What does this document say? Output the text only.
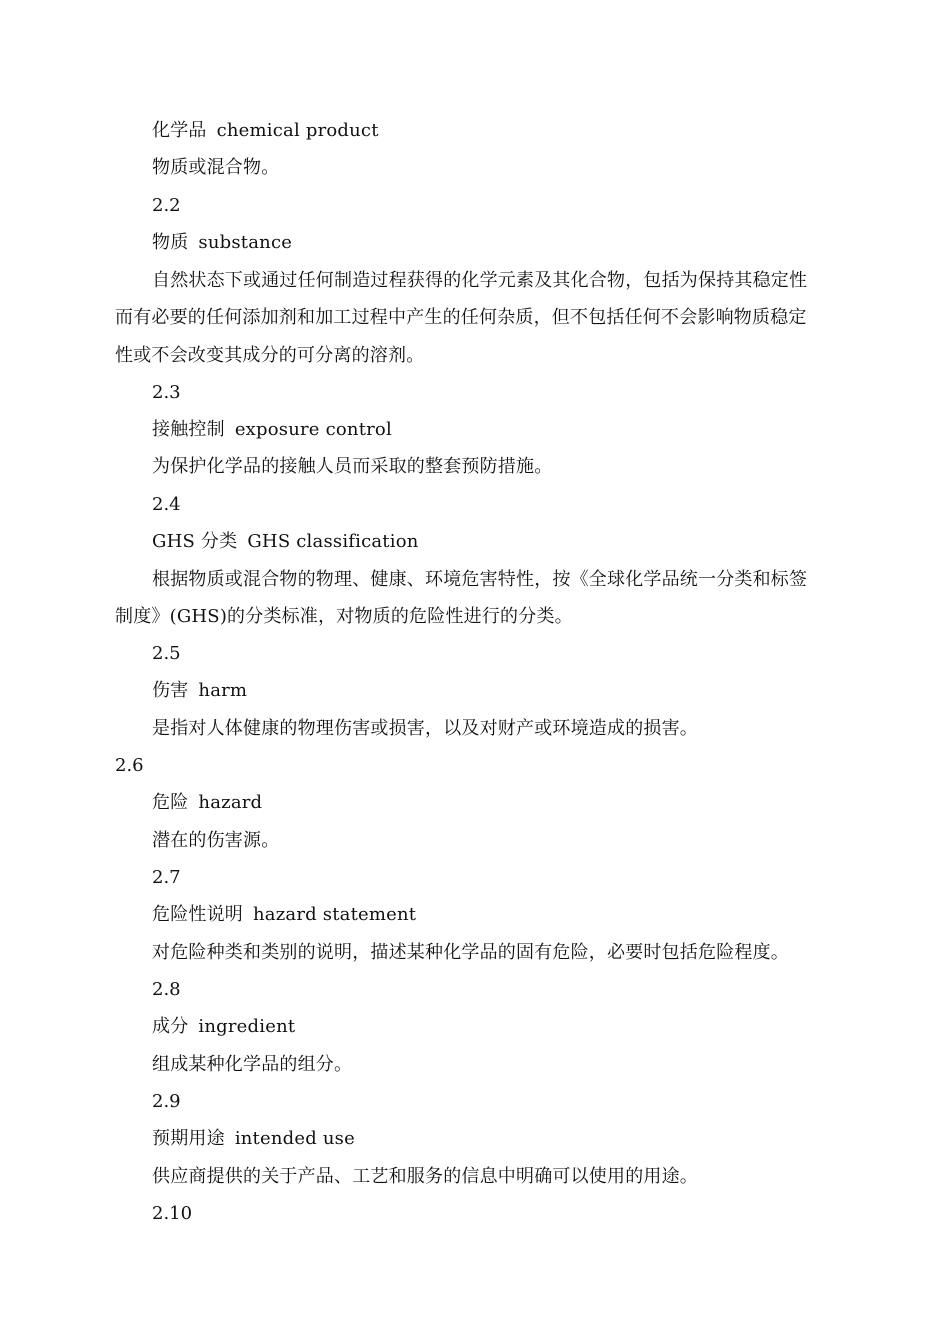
化学品 chemical product
物质或混合物。
2.2
物质 substance
自然状态下或通过任何制造过程获得的化学元素及其化合物，包括为保持其稳定性
而有必要的任何添加剂和加工过程中产生的任何杂质，但不包括任何不会影响物质稳定
性或不会改变其成分的可分离的溶剂。
2.3
接触控制 exposure control
为保护化学品的接触人员而采取的整套预防措施。
2.4
GHS 分类 GHS classification
根据物质或混合物的物理、健康、环境危害特性，按《全球化学品统一分类和标签
制度》(GHS)的分类标准，对物质的危险性进行的分类。
2.5
伤害 harm
是指对人体健康的物理伤害或损害，以及对财产或环境造成的损害。
2.6
危险 hazard
潜在的伤害源。
2.7
危险性说明 hazard statement
对危险种类和类别的说明，描述某种化学品的固有危险，必要时包括危险程度。
2.8
成分 ingredient
组成某种化学品的组分。
2.9
预期用途 intended use
供应商提供的关于产品、工艺和服务的信息中明确可以使用的用途。
2.10
